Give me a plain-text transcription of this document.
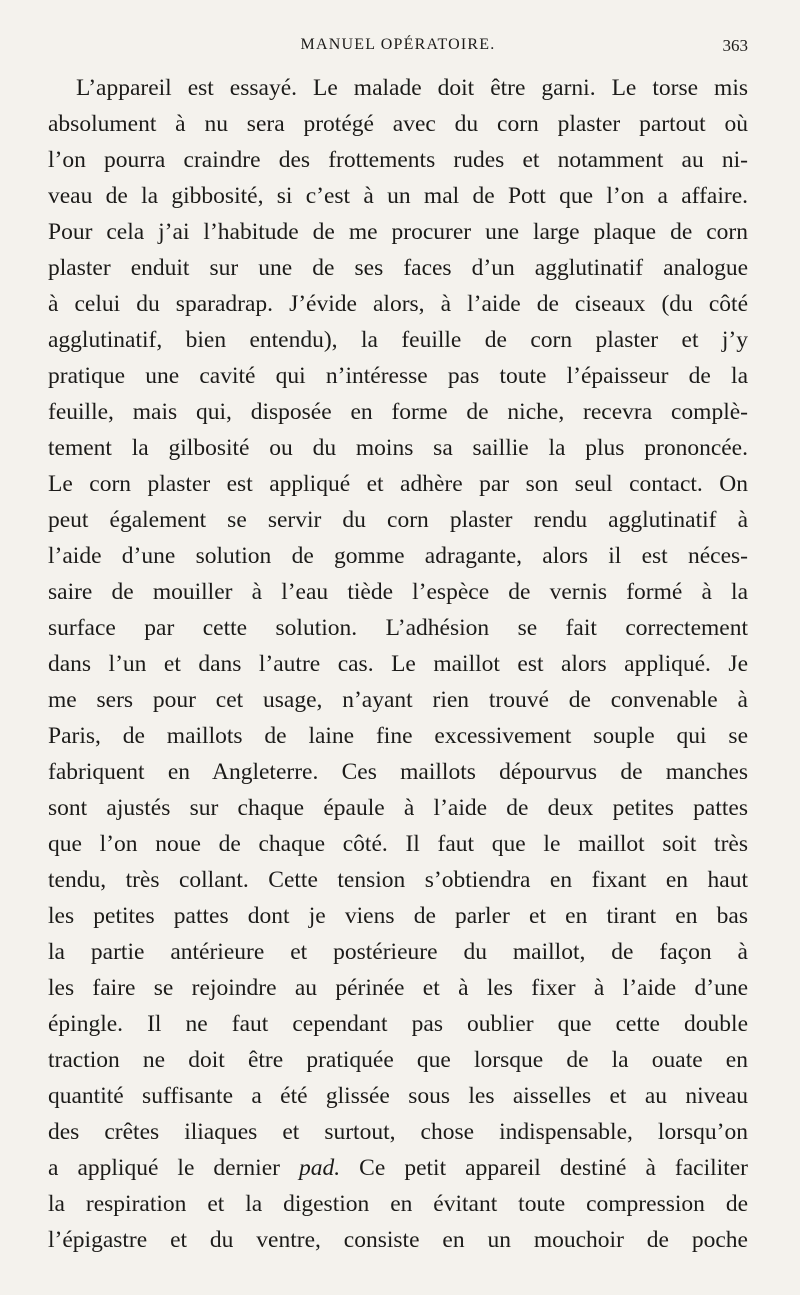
MANUEL OPÉRATOIRE.	363
L’appareil est essayé. Le malade doit être garni. Le torse mis
absolument à nu sera protégé avec du corn plaster partout où
l’on pourra craindre des frottements rudes et notamment au ni-
veau de la gibbosité, si c’est à un mal de Pott que l’on a affaire.
Pour cela j’ai l’habitude de me procurer une large plaque de corn
plaster enduit sur une de ses faces d’un agglutinatif analogue
à celui du sparadrap. J’évide alors, à l’aide de ciseaux (du côté
agglutinatif, bien entendu), la feuille de corn plaster et j’y
pratique une cavité qui n’intéresse pas toute l’épaisseur de la
feuille, mais qui, disposée en forme de niche, recevra complè-
tement la gilbosité ou du moins sa saillie la plus prononcée.
Le corn plaster est appliqué et adhère par son seul contact. On
peut également se servir du corn plaster rendu agglutinatif à
l’aide d’une solution de gomme adragante, alors il est néces-
saire de mouiller à l’eau tiède l’espèce de vernis formé à la
surface par cette solution. L’adhésion se fait correctement
dans l’un et dans l’autre cas. Le maillot est alors appliqué. Je
me sers pour cet usage, n’ayant rien trouvé de convenable à
Paris, de maillots de laine fine excessivement souple qui se
fabriquent en Angleterre. Ces maillots dépourvus de manches
sont ajustés sur chaque épaule à l’aide de deux petites pattes
que l’on noue de chaque côté. Il faut que le maillot soit très
tendu, très collant. Cette tension s’obtiendra en fixant en haut
les petites pattes dont je viens de parler et en tirant en bas
la partie antérieure et postérieure du maillot, de façon à
les faire se rejoindre au périnée et à les fixer à l’aide d’une
épingle. Il ne faut cependant pas oublier que cette double
traction ne doit être pratiquée que lorsque de la ouate en
quantité suffisante a été glissée sous les aisselles et au niveau
des crêtes iliaques et surtout, chose indispensable, lorsqu’on
a appliqué le dernier pad. Ce petit appareil destiné à faciliter
la respiration et la digestion en évitant toute compression de
l’épigastre et du ventre, consiste en un mouchoir de poche
